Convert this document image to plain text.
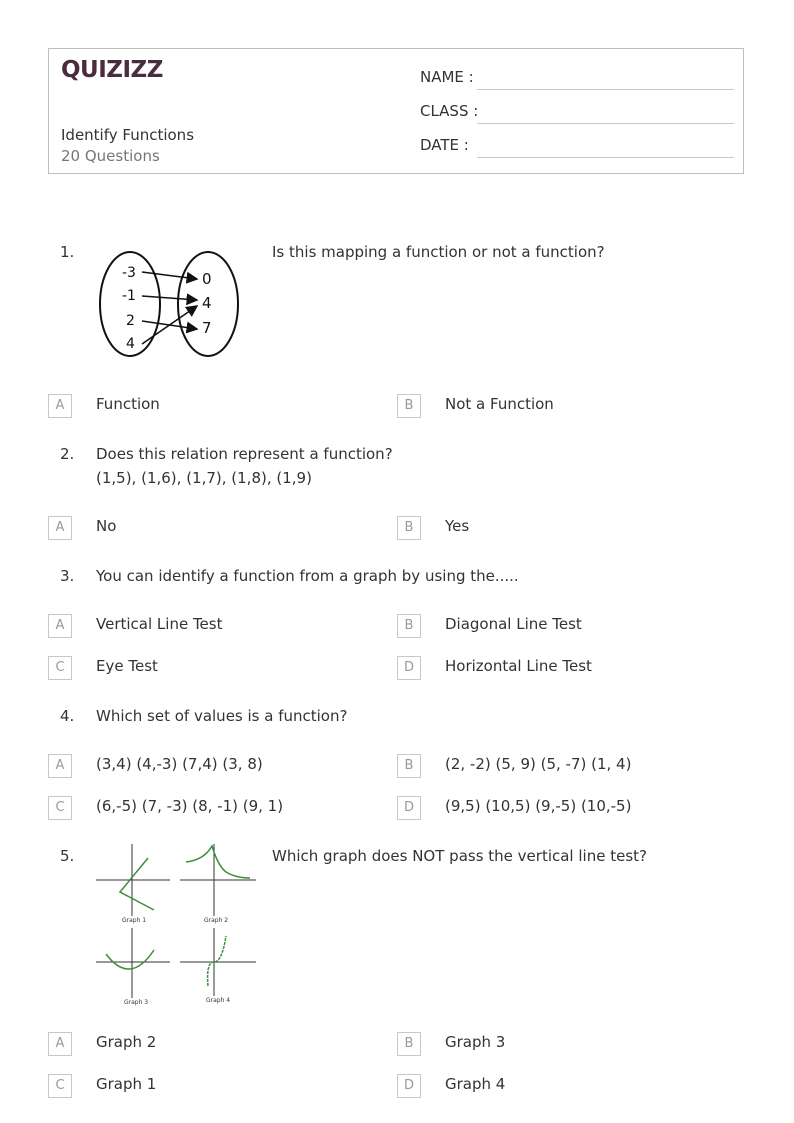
QUIZIZZ
Identify Functions
20 Questions
NAME :
CLASS :
DATE :
1.
-3
-1
2
4
0
4
7
Is this mapping a function or not a function?
A	Function	B	Not a Function
2. Does this relation represent a function?
(1,5), (1,6), (1,7), (1,8), (1,9)
A	No	B	Yes
3. You can identify a function from a graph by using the.....
A	Vertical Line Test	B	Diagonal Line Test
C	Eye Test	D	Horizontal Line Test
4. Which set of values is a function?
A	(3,4) (4,-3) (7,4) (3, 8)	B	(2, -2) (5, 9) (5, -7) (1, 4)
C	(6,-5) (7, -3) (8, -1) (9, 1)	D	(9,5) (10,5) (9,-5) (10,-5)
5.
Graph 1	Graph 2
Graph 3	Graph 4
Which graph does NOT pass the vertical line test?
A	Graph 2	B	Graph 3
C	Graph 1	D	Graph 4
